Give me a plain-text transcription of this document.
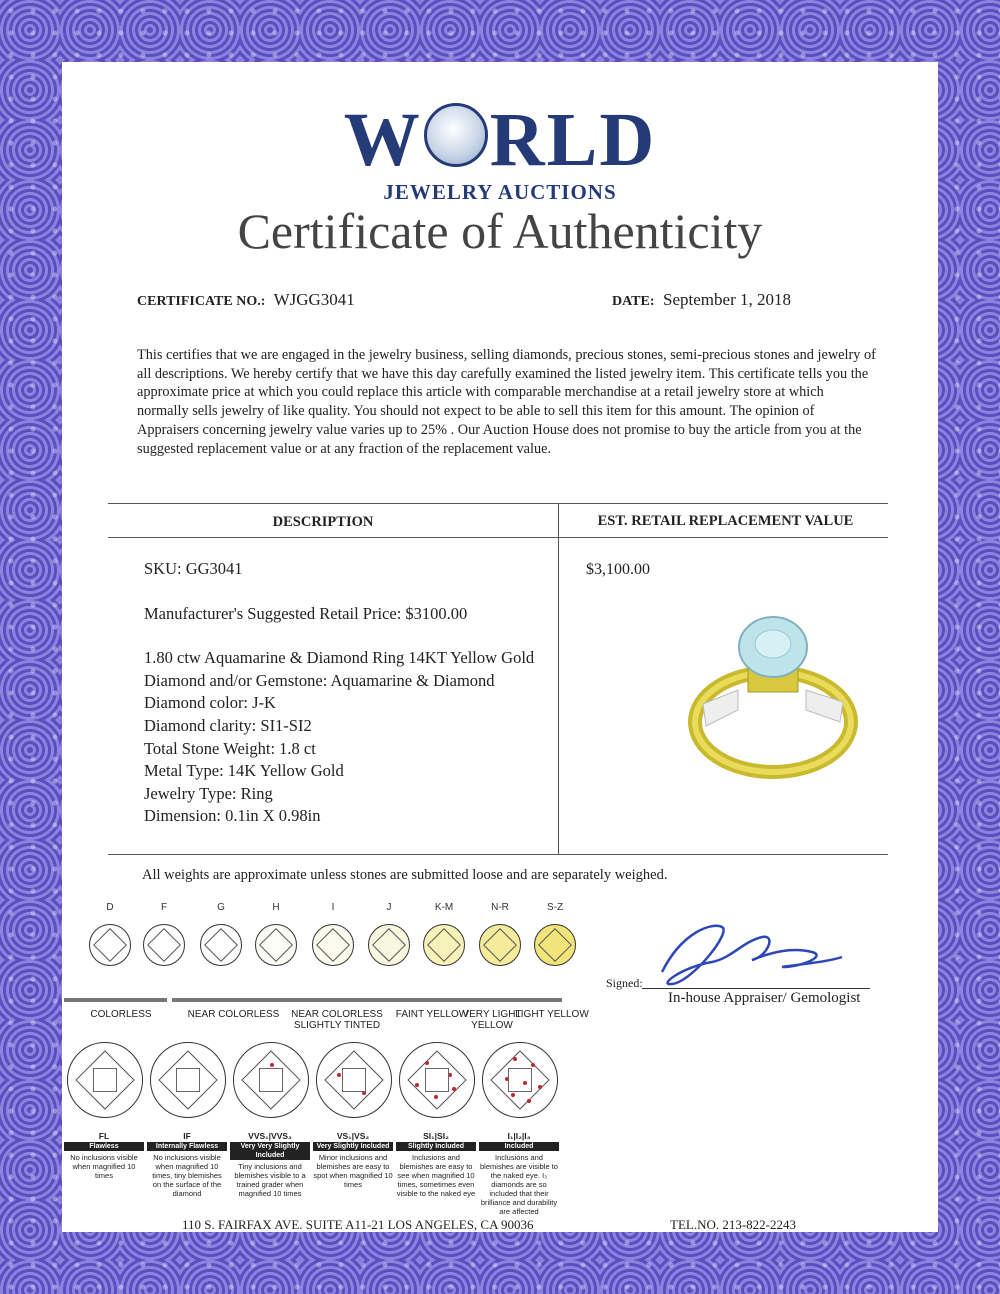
W RLD
JEWELRY AUCTIONS
Certificate of Authenticity
CERTIFICATE NO.: WJGG3041	DATE: September 1, 2018
This certifies that we are engaged in the jewelry business, selling diamonds, precious stones, semi-precious stones and jewelry of all descriptions. We hereby certify that we have this day carefully examined the listed jewelry item. This certificate tells you the approximate price at which you could replace this article with comparable merchandise at a retail jewelry store at which normally sells jewelry of like quality. You should not expect to be able to sell this item for this amount. The opinion of Appraisers concerning jewelry value varies up to 25% . Our Auction House does not promise to buy the article from you at the suggested replacement value or at any fraction of the replacement value.
DESCRIPTION	EST. RETAIL REPLACEMENT VALUE
SKU: GG3041
Manufacturer's Suggested Retail Price: $3100.00
1.80 ctw Aquamarine & Diamond Ring 14KT Yellow Gold
Diamond and/or Gemstone: Aquamarine & Diamond
Diamond color: J-K
Diamond clarity: SI1-SI2
Total Stone Weight: 1.8 ct
Metal Type: 14K Yellow Gold
Jewelry Type: Ring
Dimension: 0.1in X 0.98in
$3,100.00
All weights are approximate unless stones are submitted loose and are separately weighed.
D	F	G	H	I	J	K-M	N-R	S-Z
COLORLESS	NEAR COLORLESS	NEAR COLORLESS SLIGHTLY TINTED
FAINT YELLOW
VERY LIGHT YELLOW
LIGHT YELLOW
FL
Flawless
No inclusions visible when magnified 10 times
IF
Internally Flawless
No inclusions visible when magnified 10 times, tiny blemishes on the surface of the diamond
VVS₁|VVS₂
Very Very Slightly Included
Tiny inclusions and blemishes visible to a trained grader when magnified 10 times
VS₁|VS₂
Very Slightly Included
Minor inclusions and blemishes are easy to spot when magnified 10 times
SI₁|SI₂
Slightly Included
Inclusions and blemishes are easy to see when magnified 10 times, sometimes even visible to the naked eye
I₁|I₂|I₃
Included
Inclusions and blemishes are visible to the naked eye. I₃ diamonds are so included that their brilliance and durability are affected
Signed:
In-house Appraiser/ Gemologist
110 S. FAIRFAX AVE. SUITE A11-21 LOS ANGELES, CA 90036	TEL.NO. 213-822-2243
